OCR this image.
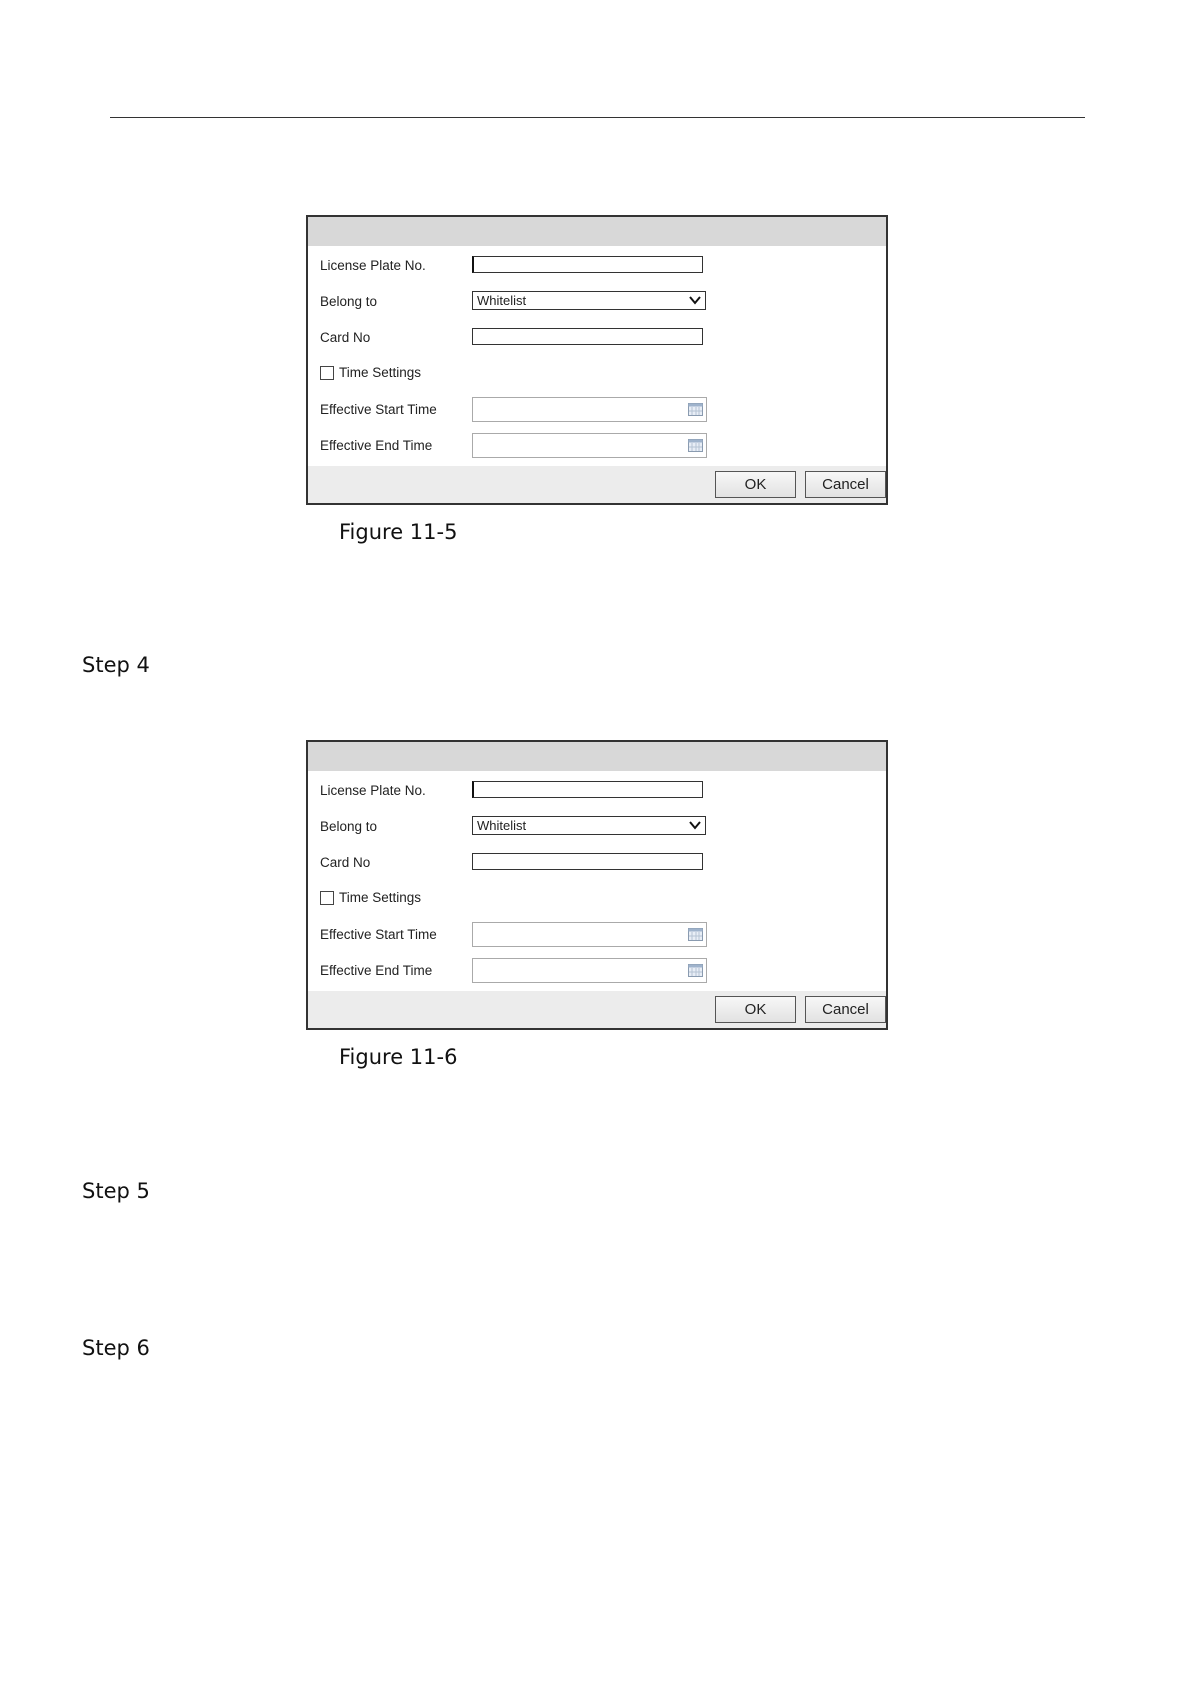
License Plate No.
Belong to	Whitelist
Card No
Time Settings
Effective Start Time
Effective End Time
OK	Cancel
Figure 11-5
Step 4
License Plate No.
Belong to	Whitelist
Card No
Time Settings
Effective Start Time
Effective End Time
OK	Cancel
Figure 11-6
Step 5
Step 6
